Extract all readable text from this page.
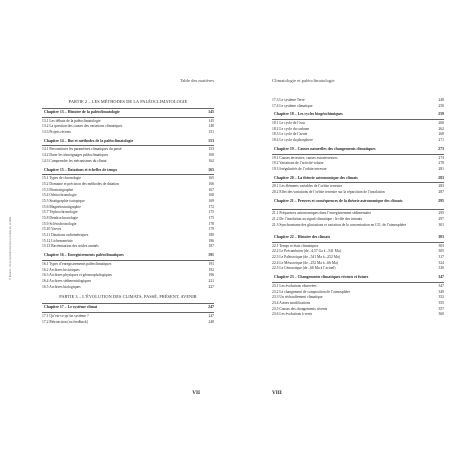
Table des matières
PARTIE 2 – LES MÉTHODES DE LA PALÉOCLIMATOLOGIE
Chapitre 13 – Histoire de la paléoclimatologie	145
13.1 Les débuts de la paléoclimatologie	145
13.2 La question des causes des variations climatiques	148
13.3 Projets récents	151
Chapitre 14 – But et méthodes de la paléoclimatologie	153
14.1 Reconstituer les paramètres climatiques du passé	153
14.2 Dater les témoignages paléoclimatiques	160
14.3 Comprendre les mécanismes du climat	162
Chapitre 15 – Datations et échelles de temps	165
15.1 Types de chronologie	165
15.2 Domaine et précision des méthodes de datation	166
15.3 Biostratigraphie	167
15.4 Orbitochronologie	168
15.5 Stratigraphie isotopique	169
15.6 Magnétostratigraphie	172
15.7 Téphrochronologie	175
15.8 Dendrochronologie	175
15.9 Sclérochronologie	178
15.10 Varves	179
15.11 Datations radiométriques	180
15.12 Lichenométrie	186
15.13 Racémisation des acides aminés	187
Chapitre 16 – Enregistrements paléoclimatiques	191
16.1 Types d’enregistrements paléoclimatiques	191
16.2 Archives historiques	192
16.3 Archives physiques et géomorphologiques	196
16.4 Archives sédimentologiques	221
16.5 Archives biologiques	227
PARTIE 3 – L’ÉVOLUTION DES CLIMATS, PASSÉ, PRÉSENT, AVENIR
Chapitre 17 – Le système climat	247
17.1 Qu’est-ce qu’un système ?	247
17.2 Rétroaction (ou feedback)	248
VII
Climatologie et paléoclimatologie
17.3 Le système Terre	248
17.4 Le système climatique	250
Chapitre 18 – Les cycles biogéochimiques	259
18.1 Le cycle de l’eau	260
18.2 Le cycle du carbone	262
18.3 Le cycle de l’azote	268
18.4 Le cycle du phosphore	271
Chapitre 19 – Causes naturelles des changements climatiques	273
19.1 Causes terrestres, causes extraterrestres	273
19.2 Variations de l’activité solaire	278
19.3 Irrégularités de l’orbite terrestre	281
Chapitre 20 – La théorie astronomique des climats	283
20.1 Les éléments variables de l’orbite terrestre	283
20.2 Effet des variations de l’orbite terrestre sur la répartition de l’insolation	287
Chapitre 21 – Preuves et conséquences de la théorie astronomique des climats	295
21.1 Fréquences astronomiques dans l’enregistrement sédimentaire	295
21.2 De l’insolation au signal climatique : le rôle des intrants	297
21.3 Synchronisme des glaciations et variation de la concentration en CO₂ de l’atmosphère	301
Chapitre 22 – Histoire des climats	303
22.1 Temps et états climatiques	303
22.2 Le Précambrien (de –4,57 Ga à –541 Ma)	305
22.3 Le Paléozoïque (de –541 Ma à –252 Ma)	317
22.4 Le Mésozoïque (de –252 Ma à –66 Ma)	324
22.5 Le Cénozoïque (de –66 Ma à l’actuel)	330
Chapitre 23 – Changements climatiques récents et futurs	347
23.1 Les évolutions observées	347
23.2 Le changement de composition de l’atmosphère	349
23.3 Un réchauffement climatique	352
23.4 Autres modifications	355
23.5 Causes des changements récents	357
23.6 Les évolutions à venir	360
VIII
© Dunod – Toute reproduction non autorisée est un délit.
